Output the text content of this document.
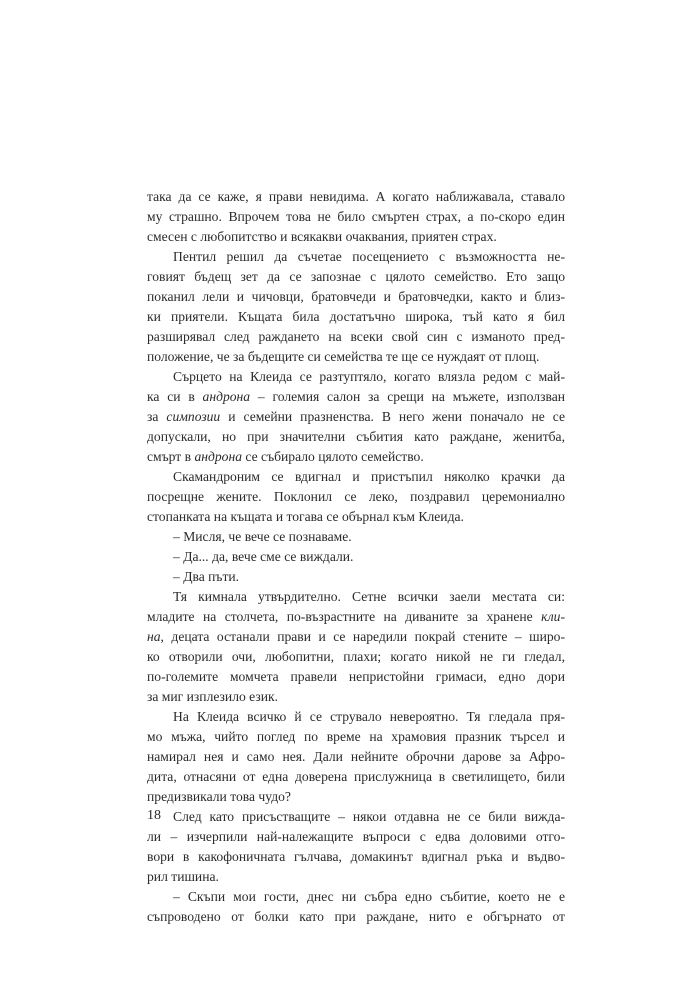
така да се каже, я прави невидима. А когато наближавала, ставало
му страшно. Впрочем това не било смъртен страх, а по-скоро един
смесен с любопитство и всякакви очаквания, приятен страх.
Пентил решил да съчетае посещението с възможността не-
говият бъдещ зет да се запознае с цялото семейство. Ето защо
поканил лели и чичовци, братовчеди и братовчедки, както и близ-
ки приятели. Къщата била достатъчно широка, тъй като я бил
разширявал след раждането на всеки свой син с изманото пред-
положение, че за бъдещите си семейства те ще се нуждаят от площ.
Сърцето на Клеида се разтуптяло, когато влязла редом с май-
ка си в андрона – големия салон за срещи на мъжете, използван
за симпозии и семейни празненства. В него жени поначало не се
допускали, но при значителни събития като раждане, женитба,
смърт в андрона се събирало цялото семейство.
Скамандроним се вдигнал и пристъпил няколко крачки да
посрещне жените. Поклонил се леко, поздравил церемониално
стопанката на къщата и тогава се обърнал към Клеида.
– Мисля, че вече се познаваме.
– Да... да, вече сме се виждали.
– Два пъти.
Тя кимнала утвърдително. Сетне всички заели местата си:
младите на столчета, по-възрастните на диваните за хранене кли-
на, децата останали прави и се наредили покрай стените – широ-
ко отворили очи, любопитни, плахи; когато никой не ги гледал,
по-големите момчета правели непристойни гримаси, едно дори
за миг изплезило език.
На Клеида всичко й се струвало невероятно. Тя гледала пря-
мо мъжа, чийто поглед по време на храмовия празник търсел и
намирал нея и само нея. Дали нейните оброчни дарове за Афро-
дита, отнасяни от една доверена прислужница в светилището, били
предизвикали това чудо?
След като присъстващите – някои отдавна не се били вижда-
ли – изчерпили най-належащите въпроси с едва доловими отго-
вори в какофоничната гълчава, домакинът вдигнал ръка и въдво-
рил тишина.
– Скъпи мои гости, днес ни събра едно събитие, което не е
съпроводено от болки като при раждане, нито е обгърнато от
18
